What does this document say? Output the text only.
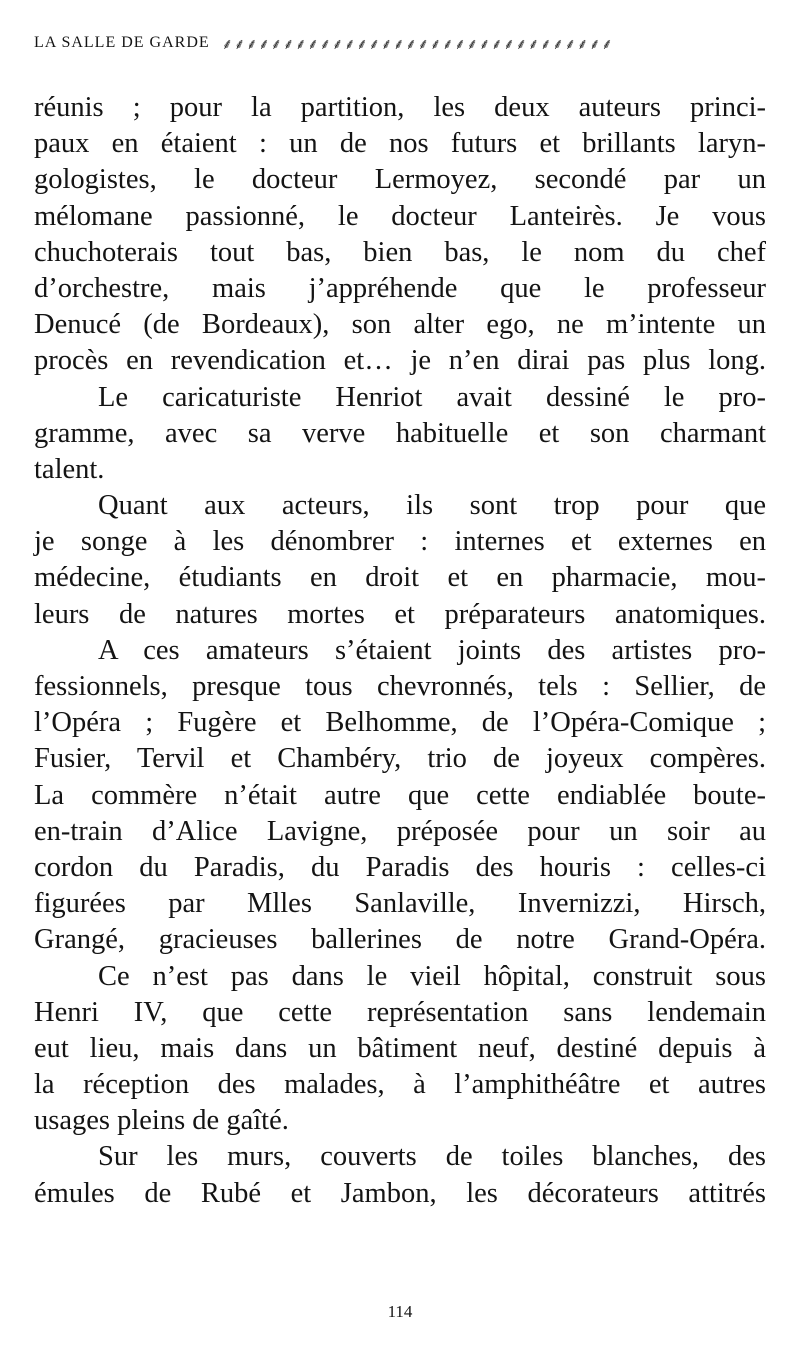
LA SALLE DE GARDE ⸙⸙⸙⸙⸙⸙⸙⸙⸙⸙⸙⸙⸙⸙⸙⸙⸙⸙⸙⸙⸙⸙⸙⸙⸙⸙⸙⸙⸙⸙⸙⸙
réunis ; pour la partition, les deux auteurs princi-
paux en étaient : un de nos futurs et brillants laryn-
gologistes, le docteur Lermoyez, secondé par un
mélomane passionné, le docteur Lanteirès. Je vous
chuchoterais tout bas, bien bas, le nom du chef
d’orchestre, mais j’appréhende que le professeur
Denucé (de Bordeaux), son alter ego, ne m’intente un
procès en revendication et… je n’en dirai pas plus long.
Le caricaturiste Henriot avait dessiné le pro-
gramme, avec sa verve habituelle et son charmant
talent.
Quant aux acteurs, ils sont trop pour que
je songe à les dénombrer : internes et externes en
médecine, étudiants en droit et en pharmacie, mou-
leurs de natures mortes et préparateurs anatomiques.
A ces amateurs s’étaient joints des artistes pro-
fessionnels, presque tous chevronnés, tels : Sellier, de
l’Opéra ; Fugère et Belhomme, de l’Opéra-Comique ;
Fusier, Tervil et Chambéry, trio de joyeux compères.
La commère n’était autre que cette endiablée boute-
en-train d’Alice Lavigne, préposée pour un soir au
cordon du Paradis, du Paradis des houris : celles-ci
figurées par Mlles Sanlaville, Invernizzi, Hirsch,
Grangé, gracieuses ballerines de notre Grand-Opéra.
Ce n’est pas dans le vieil hôpital, construit sous
Henri IV, que cette représentation sans lendemain
eut lieu, mais dans un bâtiment neuf, destiné depuis à
la réception des malades, à l’amphithéâtre et autres
usages pleins de gaîté.
Sur les murs, couverts de toiles blanches, des
émules de Rubé et Jambon, les décorateurs attitrés
114
